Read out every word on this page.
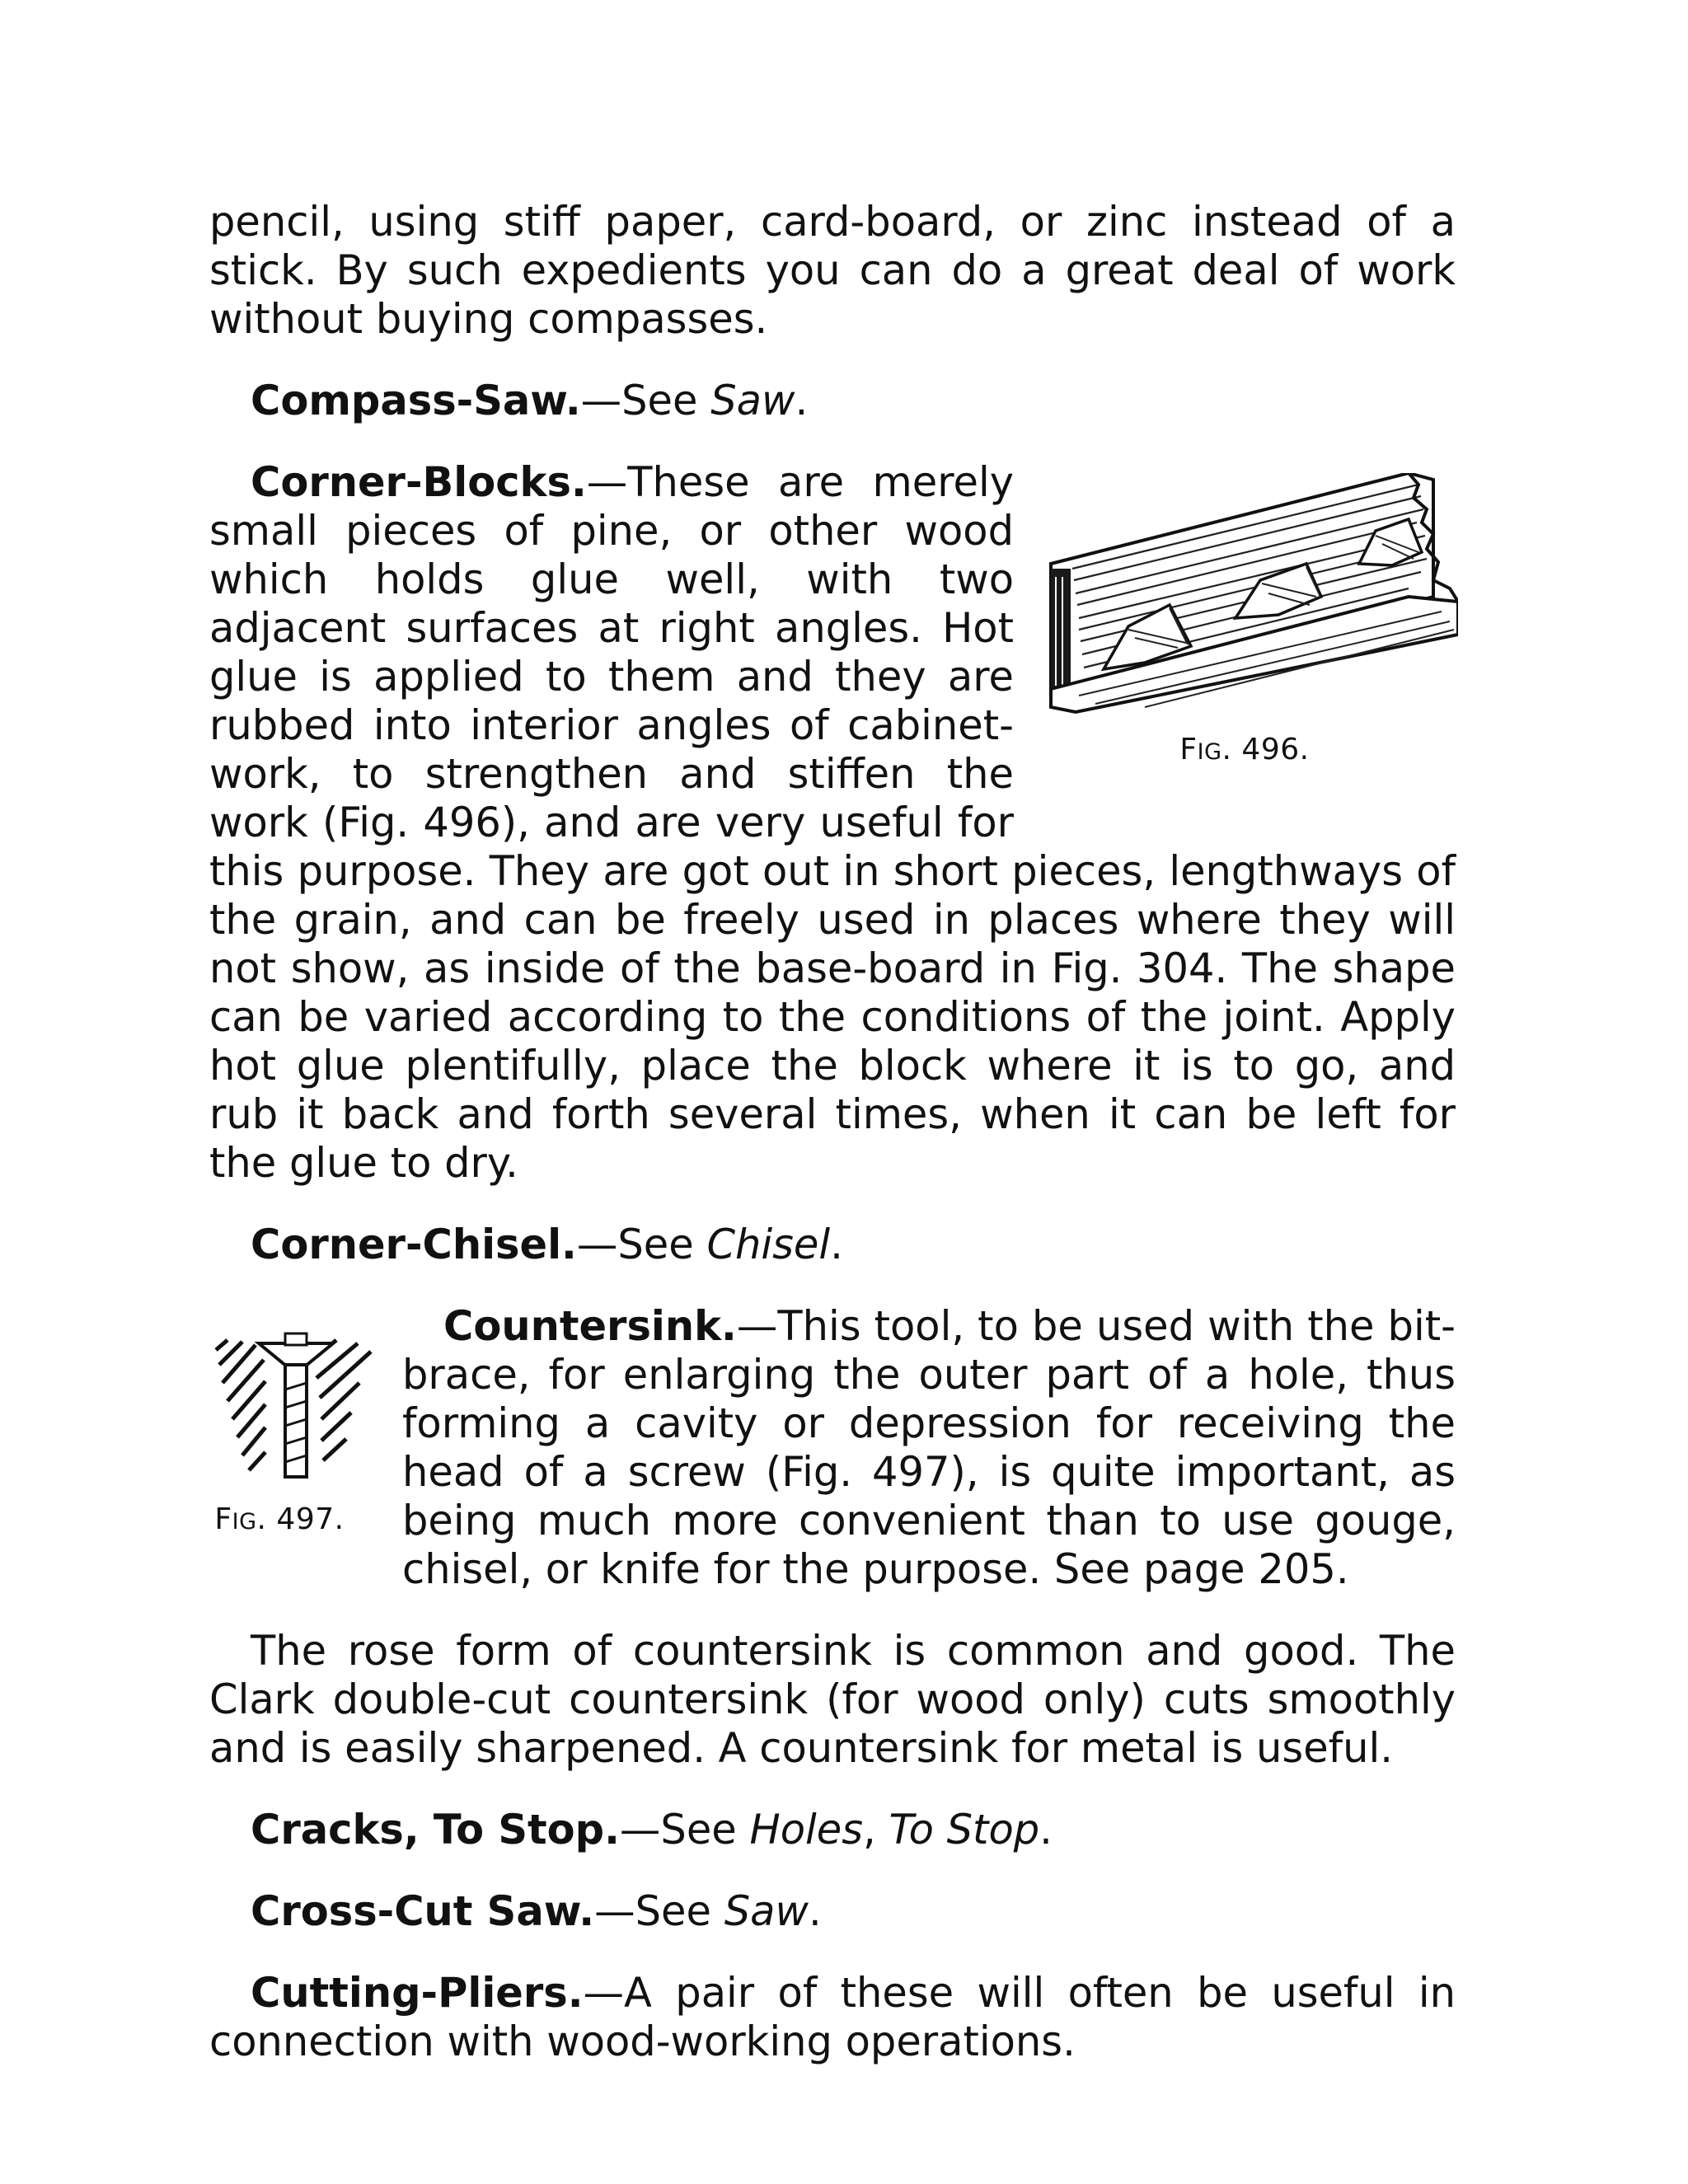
pencil, using stiff paper, card-board, or zinc instead of a stick. By such expedients you can do a great deal of work without buying compasses.

Compass-Saw.—See Saw.

FIG. 496.

Corner-Blocks.—These are merely small pieces of pine, or other wood which holds glue well, with two adjacent surfaces at right angles. Hot glue is applied to them and they are rubbed into interior angles of cabinet-work, to strengthen and stiffen the work (Fig. 496), and are very useful for this purpose. They are got out in short pieces, lengthways of the grain, and can be freely used in places where they will not show, as inside of the base-board in Fig. 304. The shape can be varied according to the conditions of the joint. Apply hot glue plentifully, place the block where it is to go, and rub it back and forth several times, when it can be left for the glue to dry.

Corner-Chisel.—See Chisel.

FIG. 497.

Countersink.—This tool, to be used with the bit-brace, for enlarging the outer part of a hole, thus forming a cavity or depression for receiving the head of a screw (Fig. 497), is quite important, as being much more convenient than to use gouge, chisel, or knife for the purpose. See page 205.

The rose form of countersink is common and good. The Clark double-cut countersink (for wood only) cuts smoothly and is easily sharpened. A countersink for metal is useful.

Cracks, To Stop.—See Holes, To Stop.

Cross-Cut Saw.—See Saw.

Cutting-Pliers.—A pair of these will often be useful in connection with wood-working operations.
